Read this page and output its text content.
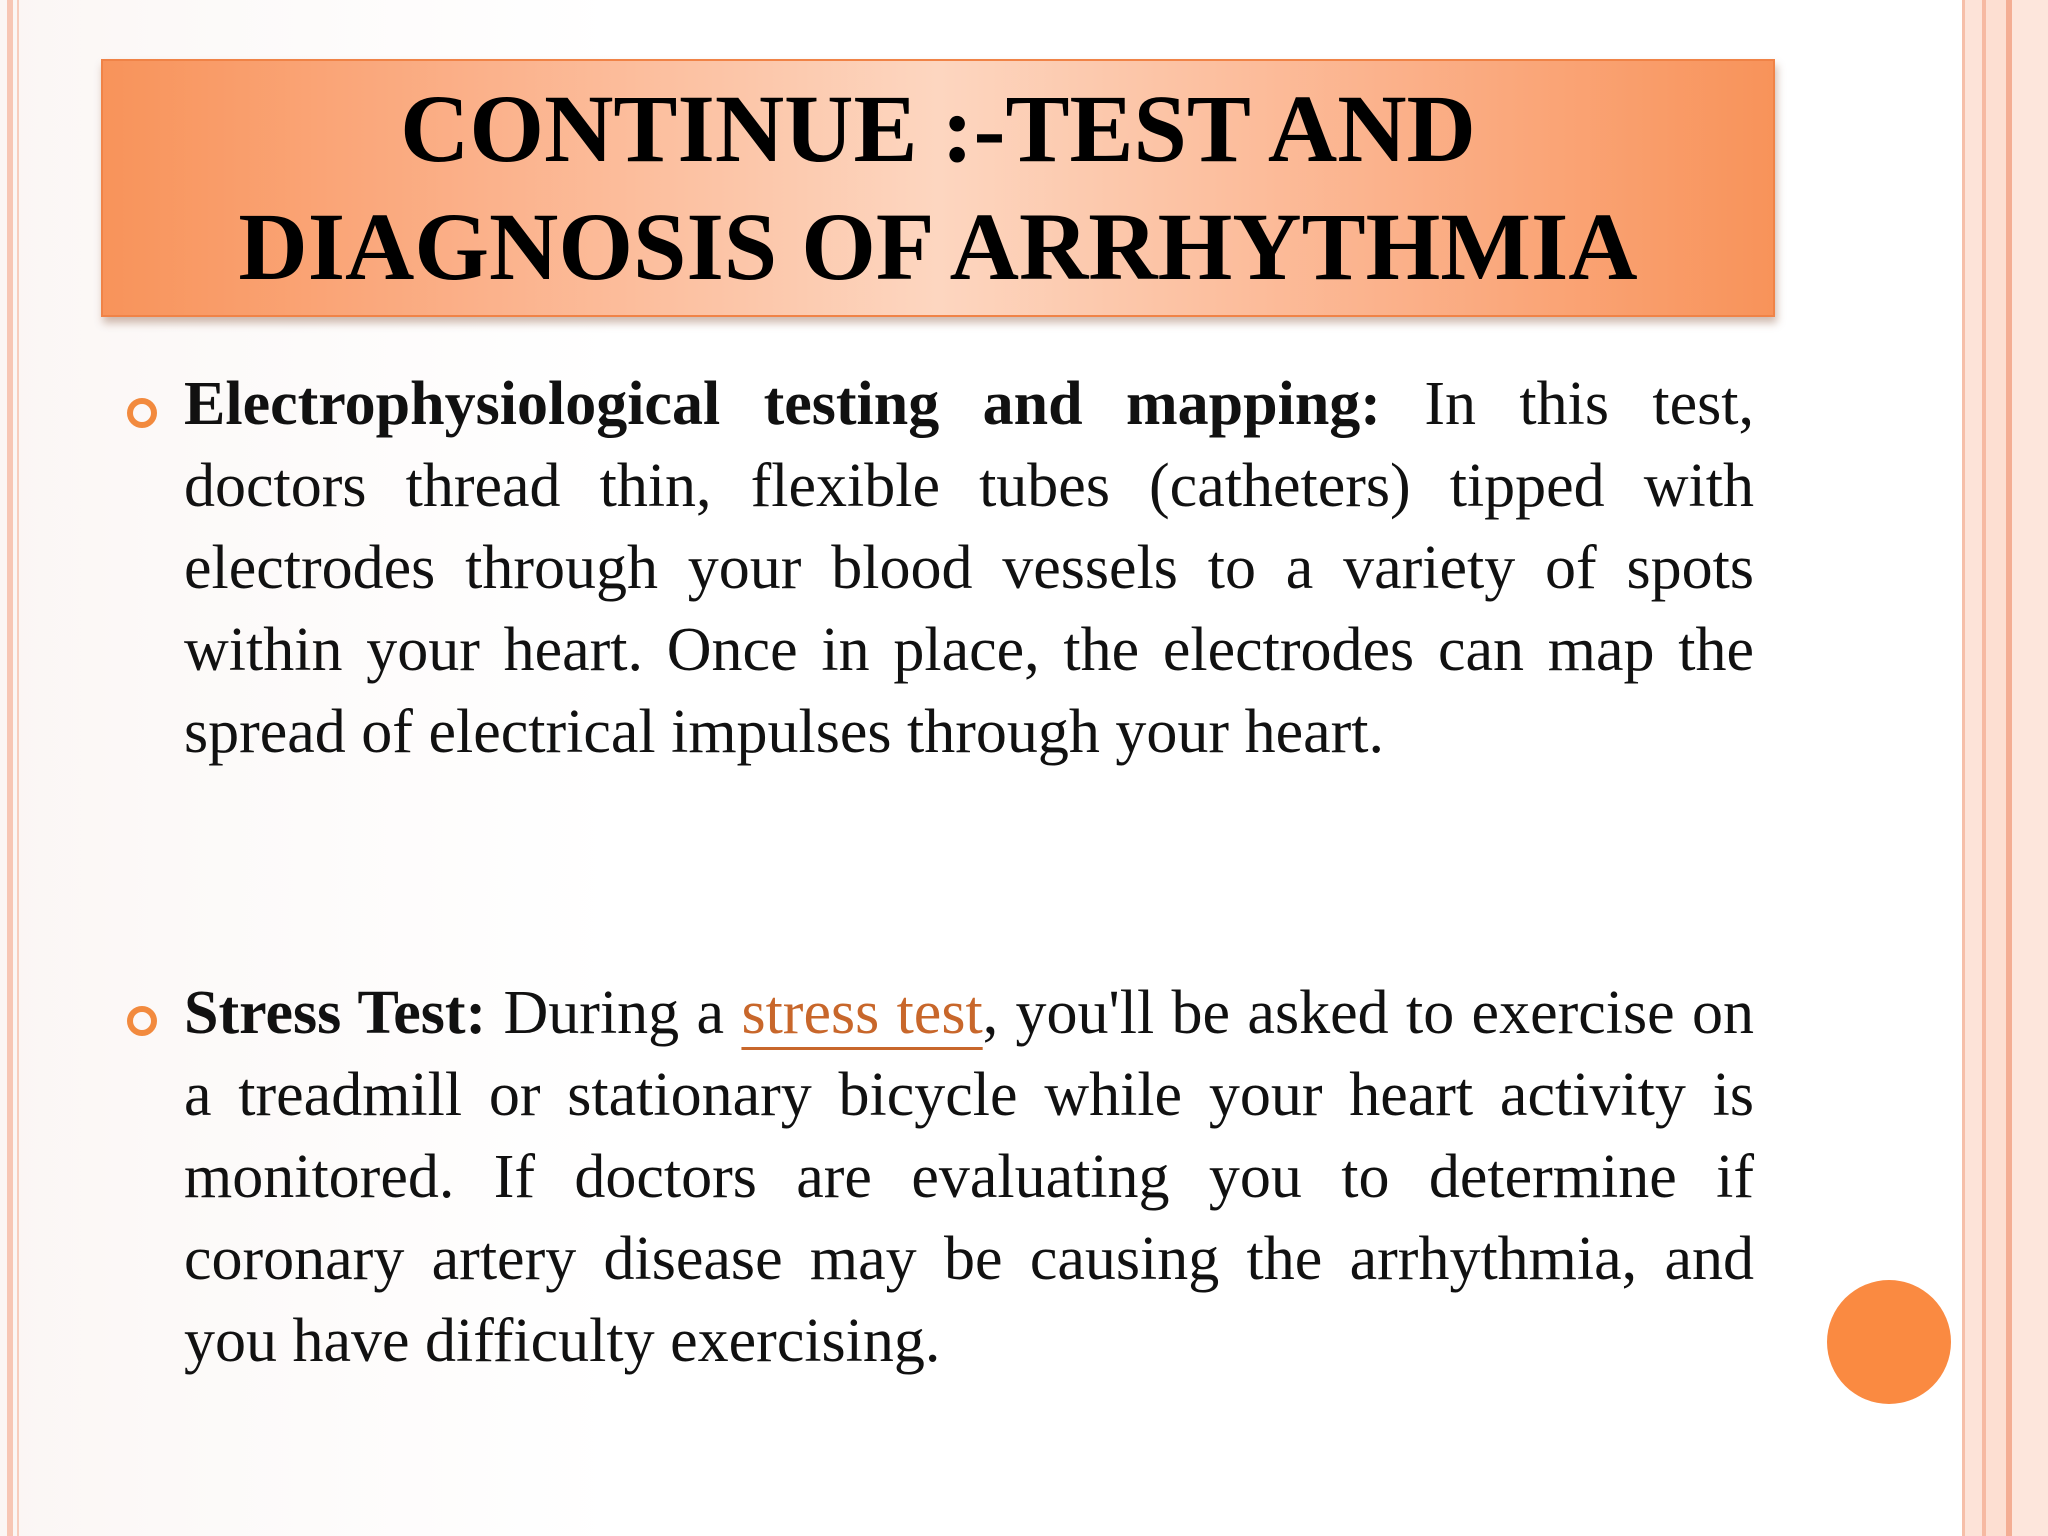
CONTINUE :-TEST AND
DIAGNOSIS OF ARRHYTHMIA

Electrophysiological testing and mapping: In this test, doctors thread thin, flexible tubes (catheters) tipped with electrodes through your blood vessels to a variety of spots within your heart. Once in place, the electrodes can map the spread of electrical impulses through your heart.

Stress Test: During a stress test, you'll be asked to exercise on a treadmill or stationary bicycle while your heart activity is monitored. If doctors are evaluating you to determine if coronary artery disease may be causing the arrhythmia, and you have difficulty exercising.
